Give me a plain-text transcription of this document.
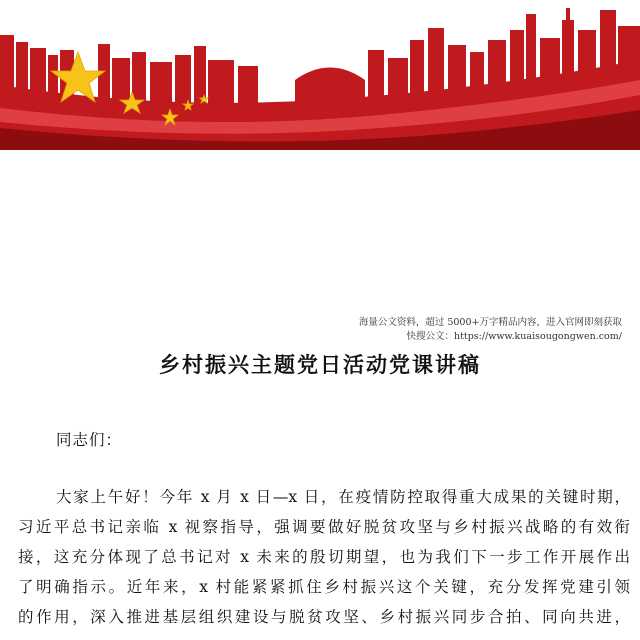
海量公文资料，超过 5000+万字精品内容，进入官网即刻获取
快搜公文：https://www.kuaisougongwen.com/
乡村振兴主题党日活动党课讲稿
同志们：
大家上午好！今年 x 月 x 日—x 日，在疫情防控取得重大成果的关键时期，
习近平总书记亲临 x 视察指导，强调要做好脱贫攻坚与乡村振兴战略的有效衔
接，这充分体现了总书记对 x 未来的殷切期望，也为我们下一步工作开展作出
了明确指示。近年来，x 村能紧紧抓住乡村振兴这个关键，充分发挥党建引领
的作用，深入推进基层组织建设与脱贫攻坚、乡村振兴同步合拍、同向共进，
